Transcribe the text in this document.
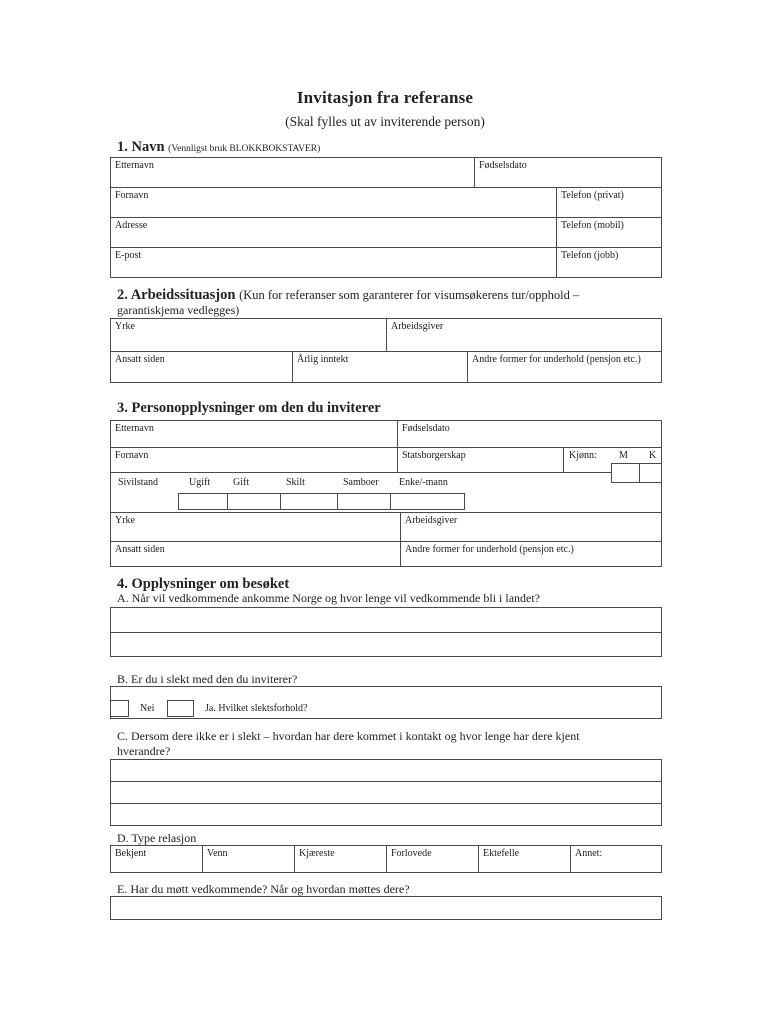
Invitasjon fra referanse
(Skal fylles ut av inviterende person)
1. Navn (Vennligst bruk BLOKKBOKSTAVER)
Etternavn	Fødselsdato
Fornavn	Telefon (privat)
Adresse	Telefon (mobil)
E-post	Telefon (jobb)
2. Arbeidssituasjon (Kun for referanser som garanterer for visumsøkerens tur/opphold –
garantiskjema vedlegges)
Yrke	Arbeidsgiver
Ansatt siden	Årlig inntekt	Andre former for underhold (pensjon etc.)
3. Personopplysninger om den du inviterer
Etternavn	Fødselsdato
Fornavn	Statsborgerskap	Kjønn: M K
Sivilstand	Ugift Gift	Skilt	Samboer Enke/-mann
Yrke	Arbeidsgiver
Ansatt siden	Andre former for underhold (pensjon etc.)
4. Opplysninger om besøket
A. Når vil vedkommende ankomme Norge og hvor lenge vil vedkommende bli i landet?
B. Er du i slekt med den du inviterer?
Nei	Ja. Hvilket slektsforhold?
C. Dersom dere ikke er i slekt – hvordan har dere kommet i kontakt og hvor lenge har dere kjent
hverandre?
D. Type relasjon
Bekjent	Venn	Kjæreste	Forlovede	Ektefelle	Annet:
E. Har du møtt vedkommende? Når og hvordan møttes dere?
